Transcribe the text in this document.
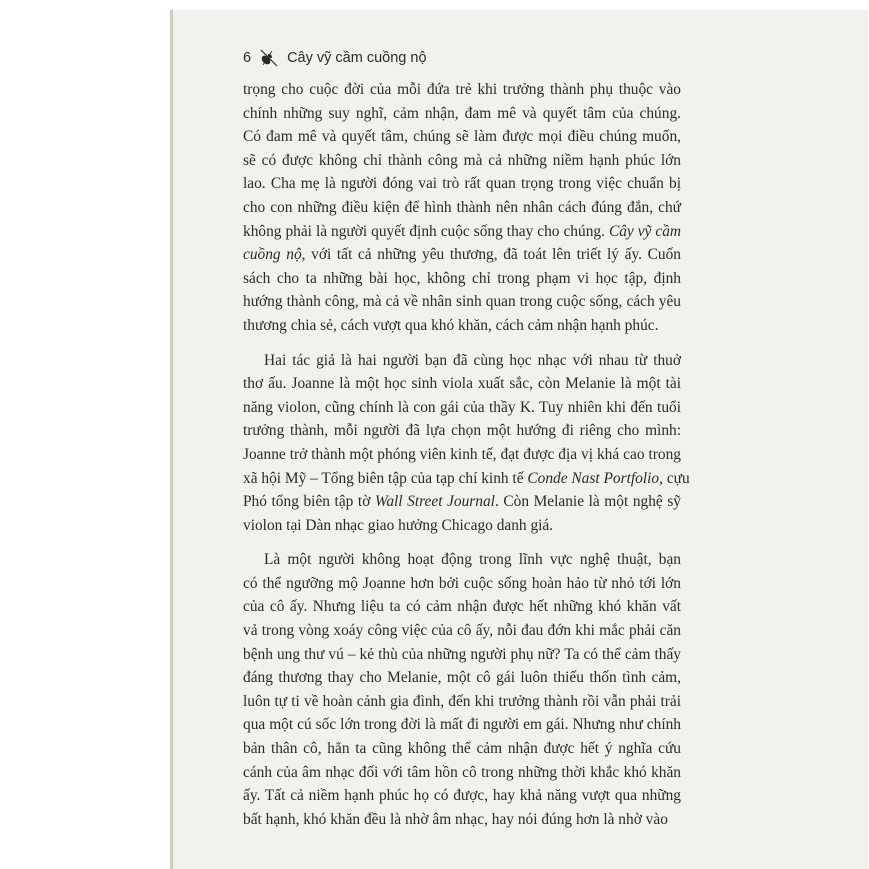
6 Cây vỹ cầm cuồng nộ
trọng cho cuộc đời của mỗi đứa trẻ khi trưởng thành phụ thuộc vào
chính những suy nghĩ, cảm nhận, đam mê và quyết tâm của chúng.
Có đam mê và quyết tâm, chúng sẽ làm được mọi điều chúng muốn,
sẽ có được không chỉ thành công mà cả những niềm hạnh phúc lớn
lao. Cha mẹ là người đóng vai trò rất quan trọng trong việc chuẩn bị
cho con những điều kiện để hình thành nên nhân cách đúng đắn, chứ
không phải là người quyết định cuộc sống thay cho chúng. Cây vỹ cầm
cuồng nộ, với tất cả những yêu thương, đã toát lên triết lý ấy. Cuốn
sách cho ta những bài học, không chỉ trong phạm vi học tập, định
hướng thành công, mà cả về nhân sinh quan trong cuộc sống, cách yêu
thương chia sẻ, cách vượt qua khó khăn, cách cảm nhận hạnh phúc.
Hai tác giả là hai người bạn đã cùng học nhạc với nhau từ thuở
thơ ấu. Joanne là một học sinh viola xuất sắc, còn Melanie là một tài
năng violon, cũng chính là con gái của thầy K. Tuy nhiên khi đến tuổi
trưởng thành, mỗi người đã lựa chọn một hướng đi riêng cho mình:
Joanne trở thành một phóng viên kinh tế, đạt được địa vị khá cao trong
xã hội Mỹ – Tổng biên tập của tạp chí kinh tế Conde Nast Portfolio, cựu
Phó tổng biên tập tờ Wall Street Journal. Còn Melanie là một nghệ sỹ
violon tại Dàn nhạc giao hưởng Chicago danh giá.
Là một người không hoạt động trong lĩnh vực nghệ thuật, bạn
có thể ngưỡng mộ Joanne hơn bởi cuộc sống hoàn hảo từ nhỏ tới lớn
của cô ấy. Nhưng liệu ta có cảm nhận được hết những khó khăn vất
vả trong vòng xoáy công việc của cô ấy, nỗi đau đớn khi mắc phải căn
bệnh ung thư vú – kẻ thù của những người phụ nữ? Ta có thể cảm thấy
đáng thương thay cho Melanie, một cô gái luôn thiếu thốn tình cảm,
luôn tự ti về hoàn cảnh gia đình, đến khi trưởng thành rồi vẫn phải trải
qua một cú sốc lớn trong đời là mất đi người em gái. Nhưng như chính
bản thân cô, hẳn ta cũng không thể cảm nhận được hết ý nghĩa cứu
cánh của âm nhạc đối với tâm hồn cô trong những thời khắc khó khăn
ấy. Tất cả niềm hạnh phúc họ có được, hay khả năng vượt qua những
bất hạnh, khó khăn đều là nhờ âm nhạc, hay nói đúng hơn là nhờ vào
